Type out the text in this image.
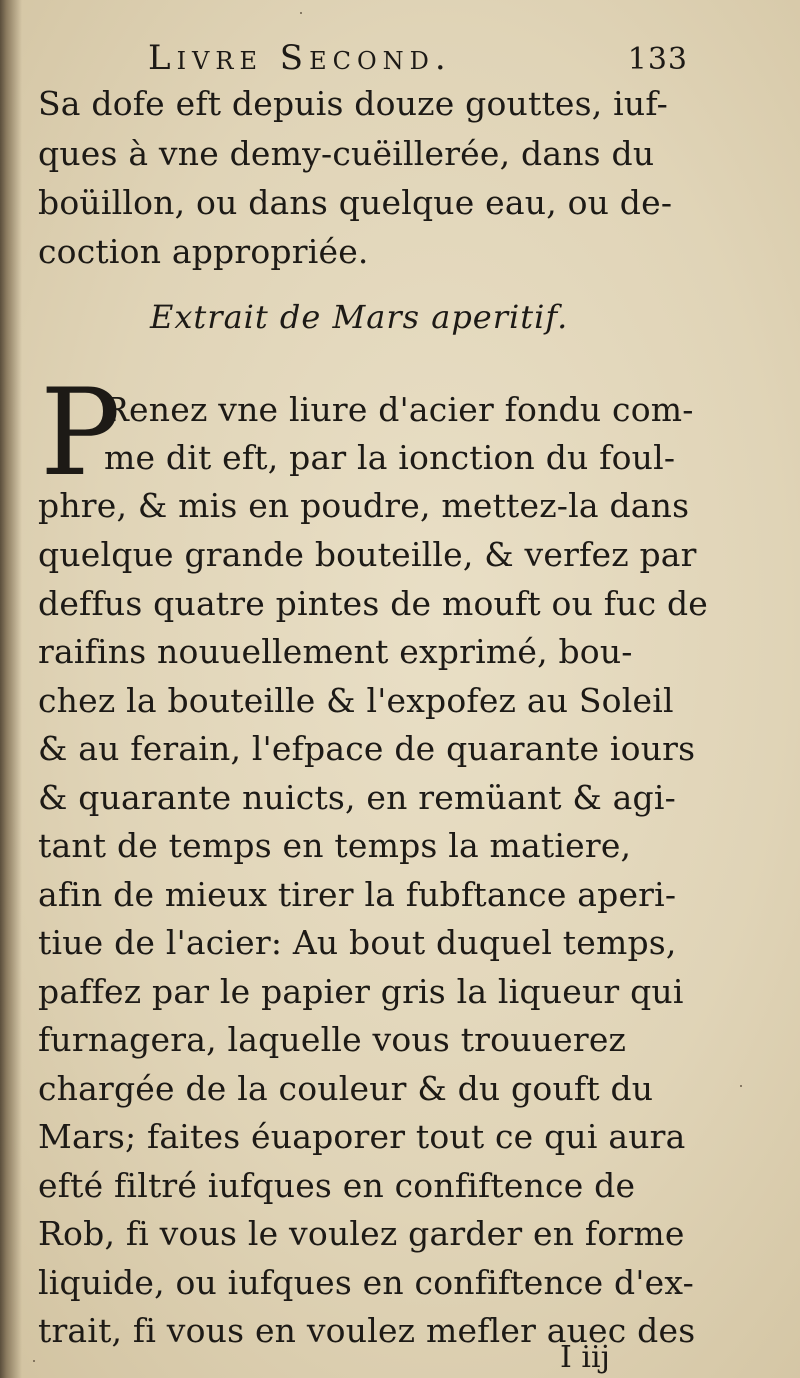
Livre Second.	133
Sa dofe eft depuis douze gouttes, iuf-
ques à vne demy-cuëillerée, dans du
boüillon, ou dans quelque eau, ou de-
coction appropriée.
Extrait de Mars aperitif.
P
Renez vne liure d'acier fondu com-
me dit eft, par la ionction du foul-
phre, & mis en poudre, mettez-la dans
quelque grande bouteille, & verfez par
deffus quatre pintes de mouft ou fuc de
raifins nouuellement exprimé, bou-
chez la bouteille & l'expofez au Soleil
& au ferain, l'efpace de quarante iours
& quarante nuicts, en remüant & agi-
tant de temps en temps la matiere,
afin de mieux tirer la fubftance aperi-
tiue de l'acier: Au bout duquel temps,
paffez par le papier gris la liqueur qui
furnagera, laquelle vous trouuerez
chargée de la couleur & du gouft du
Mars; faites éuaporer tout ce qui aura
efté filtré iufques en confiftence de
Rob, fi vous le voulez garder en forme
liquide, ou iufques en confiftence d'ex-
trait, fi vous en voulez mefler auec des
I iij
